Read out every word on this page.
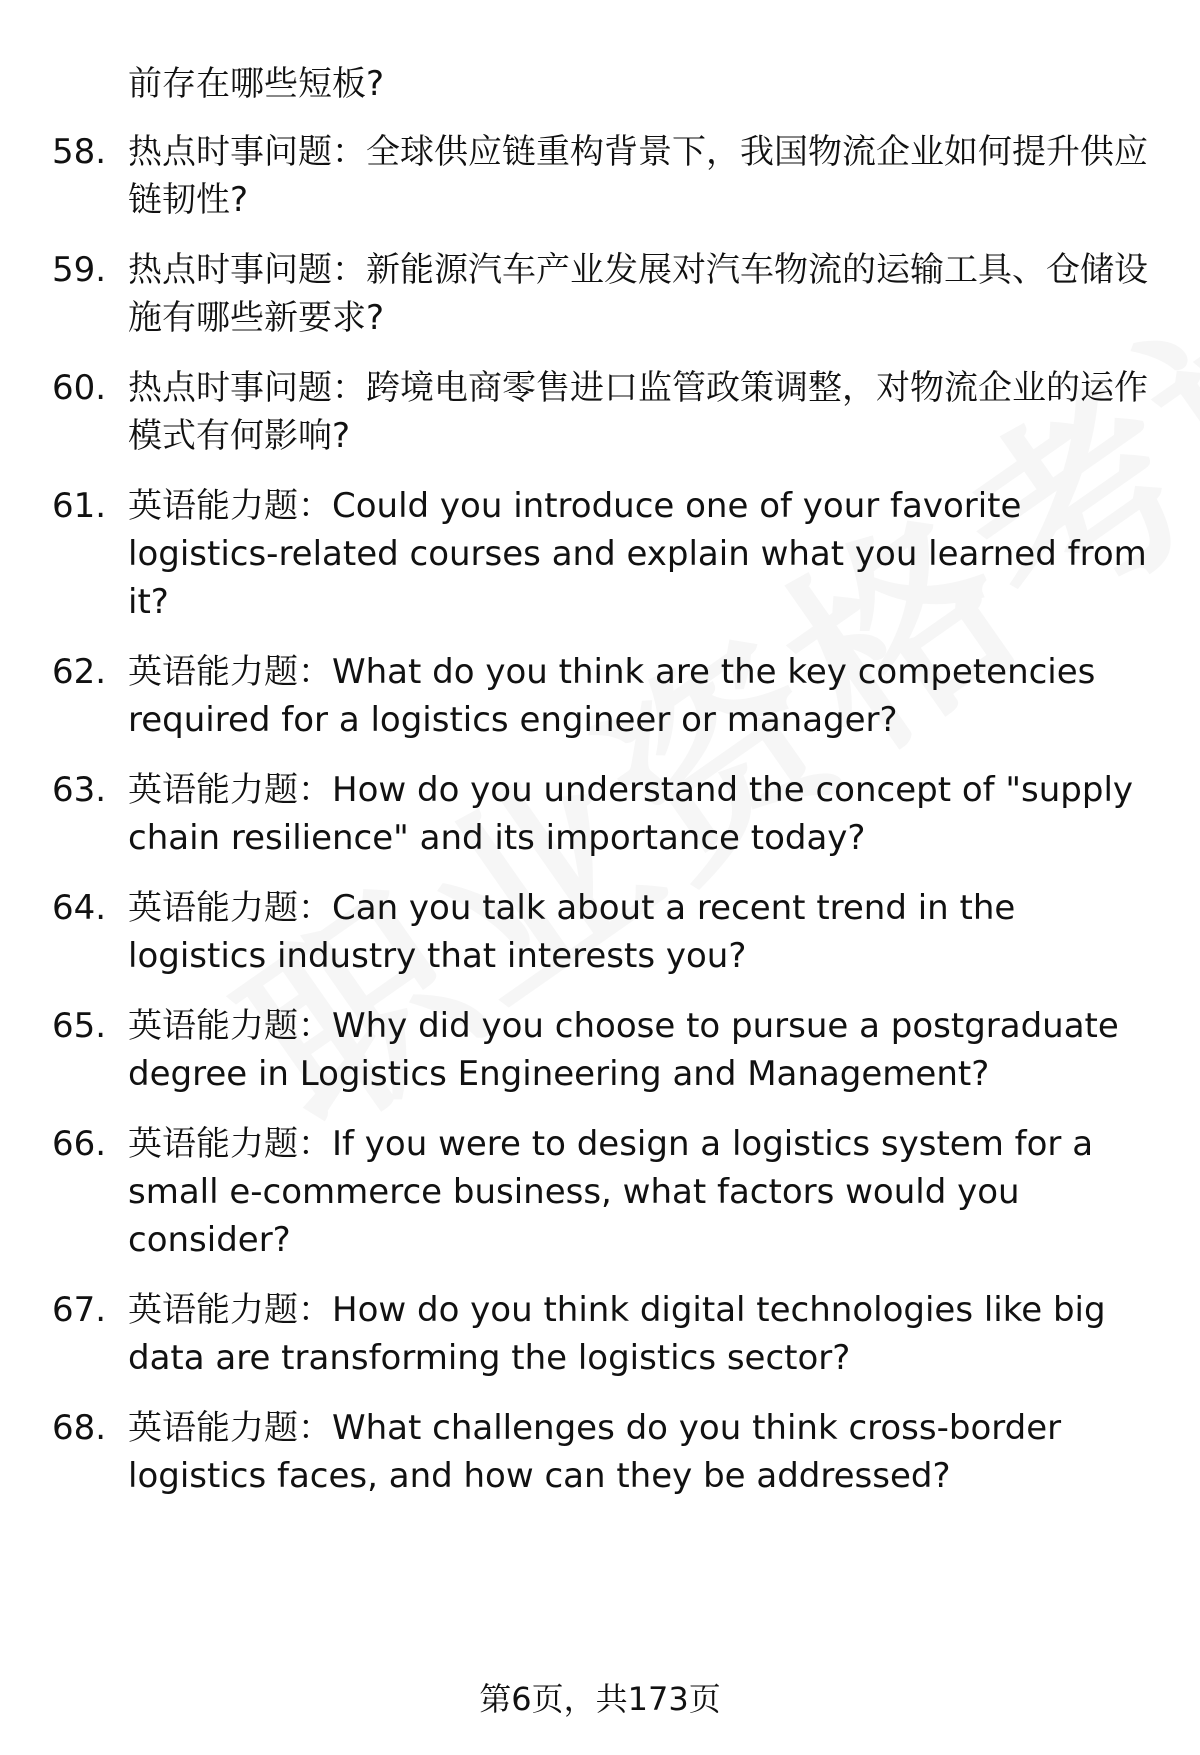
前存在哪些短板?

58. 热点时事问题：全球供应链重构背景下，我国物流企业如何提升供应链韧性?
59. 热点时事问题：新能源汽车产业发展对汽车物流的运输工具、仓储设施有哪些新要求?
60. 热点时事问题：跨境电商零售进口监管政策调整，对物流企业的运作模式有何影响?
61. 英语能力题：Could you introduce one of your favorite logistics-related courses and explain what you learned from it?
62. 英语能力题：What do you think are the key competencies required for a logistics engineer or manager?
63. 英语能力题：How do you understand the concept of "supply chain resilience" and its importance today?
64. 英语能力题：Can you talk about a recent trend in the logistics industry that interests you?
65. 英语能力题：Why did you choose to pursue a postgraduate degree in Logistics Engineering and Management?
66. 英语能力题：If you were to design a logistics system for a small e-commerce business, what factors would you consider?
67. 英语能力题：How do you think digital technologies like big data are transforming the logistics sector?
68. 英语能力题：What challenges do you think cross-border logistics faces, and how can they be addressed?
第6页，共173页
